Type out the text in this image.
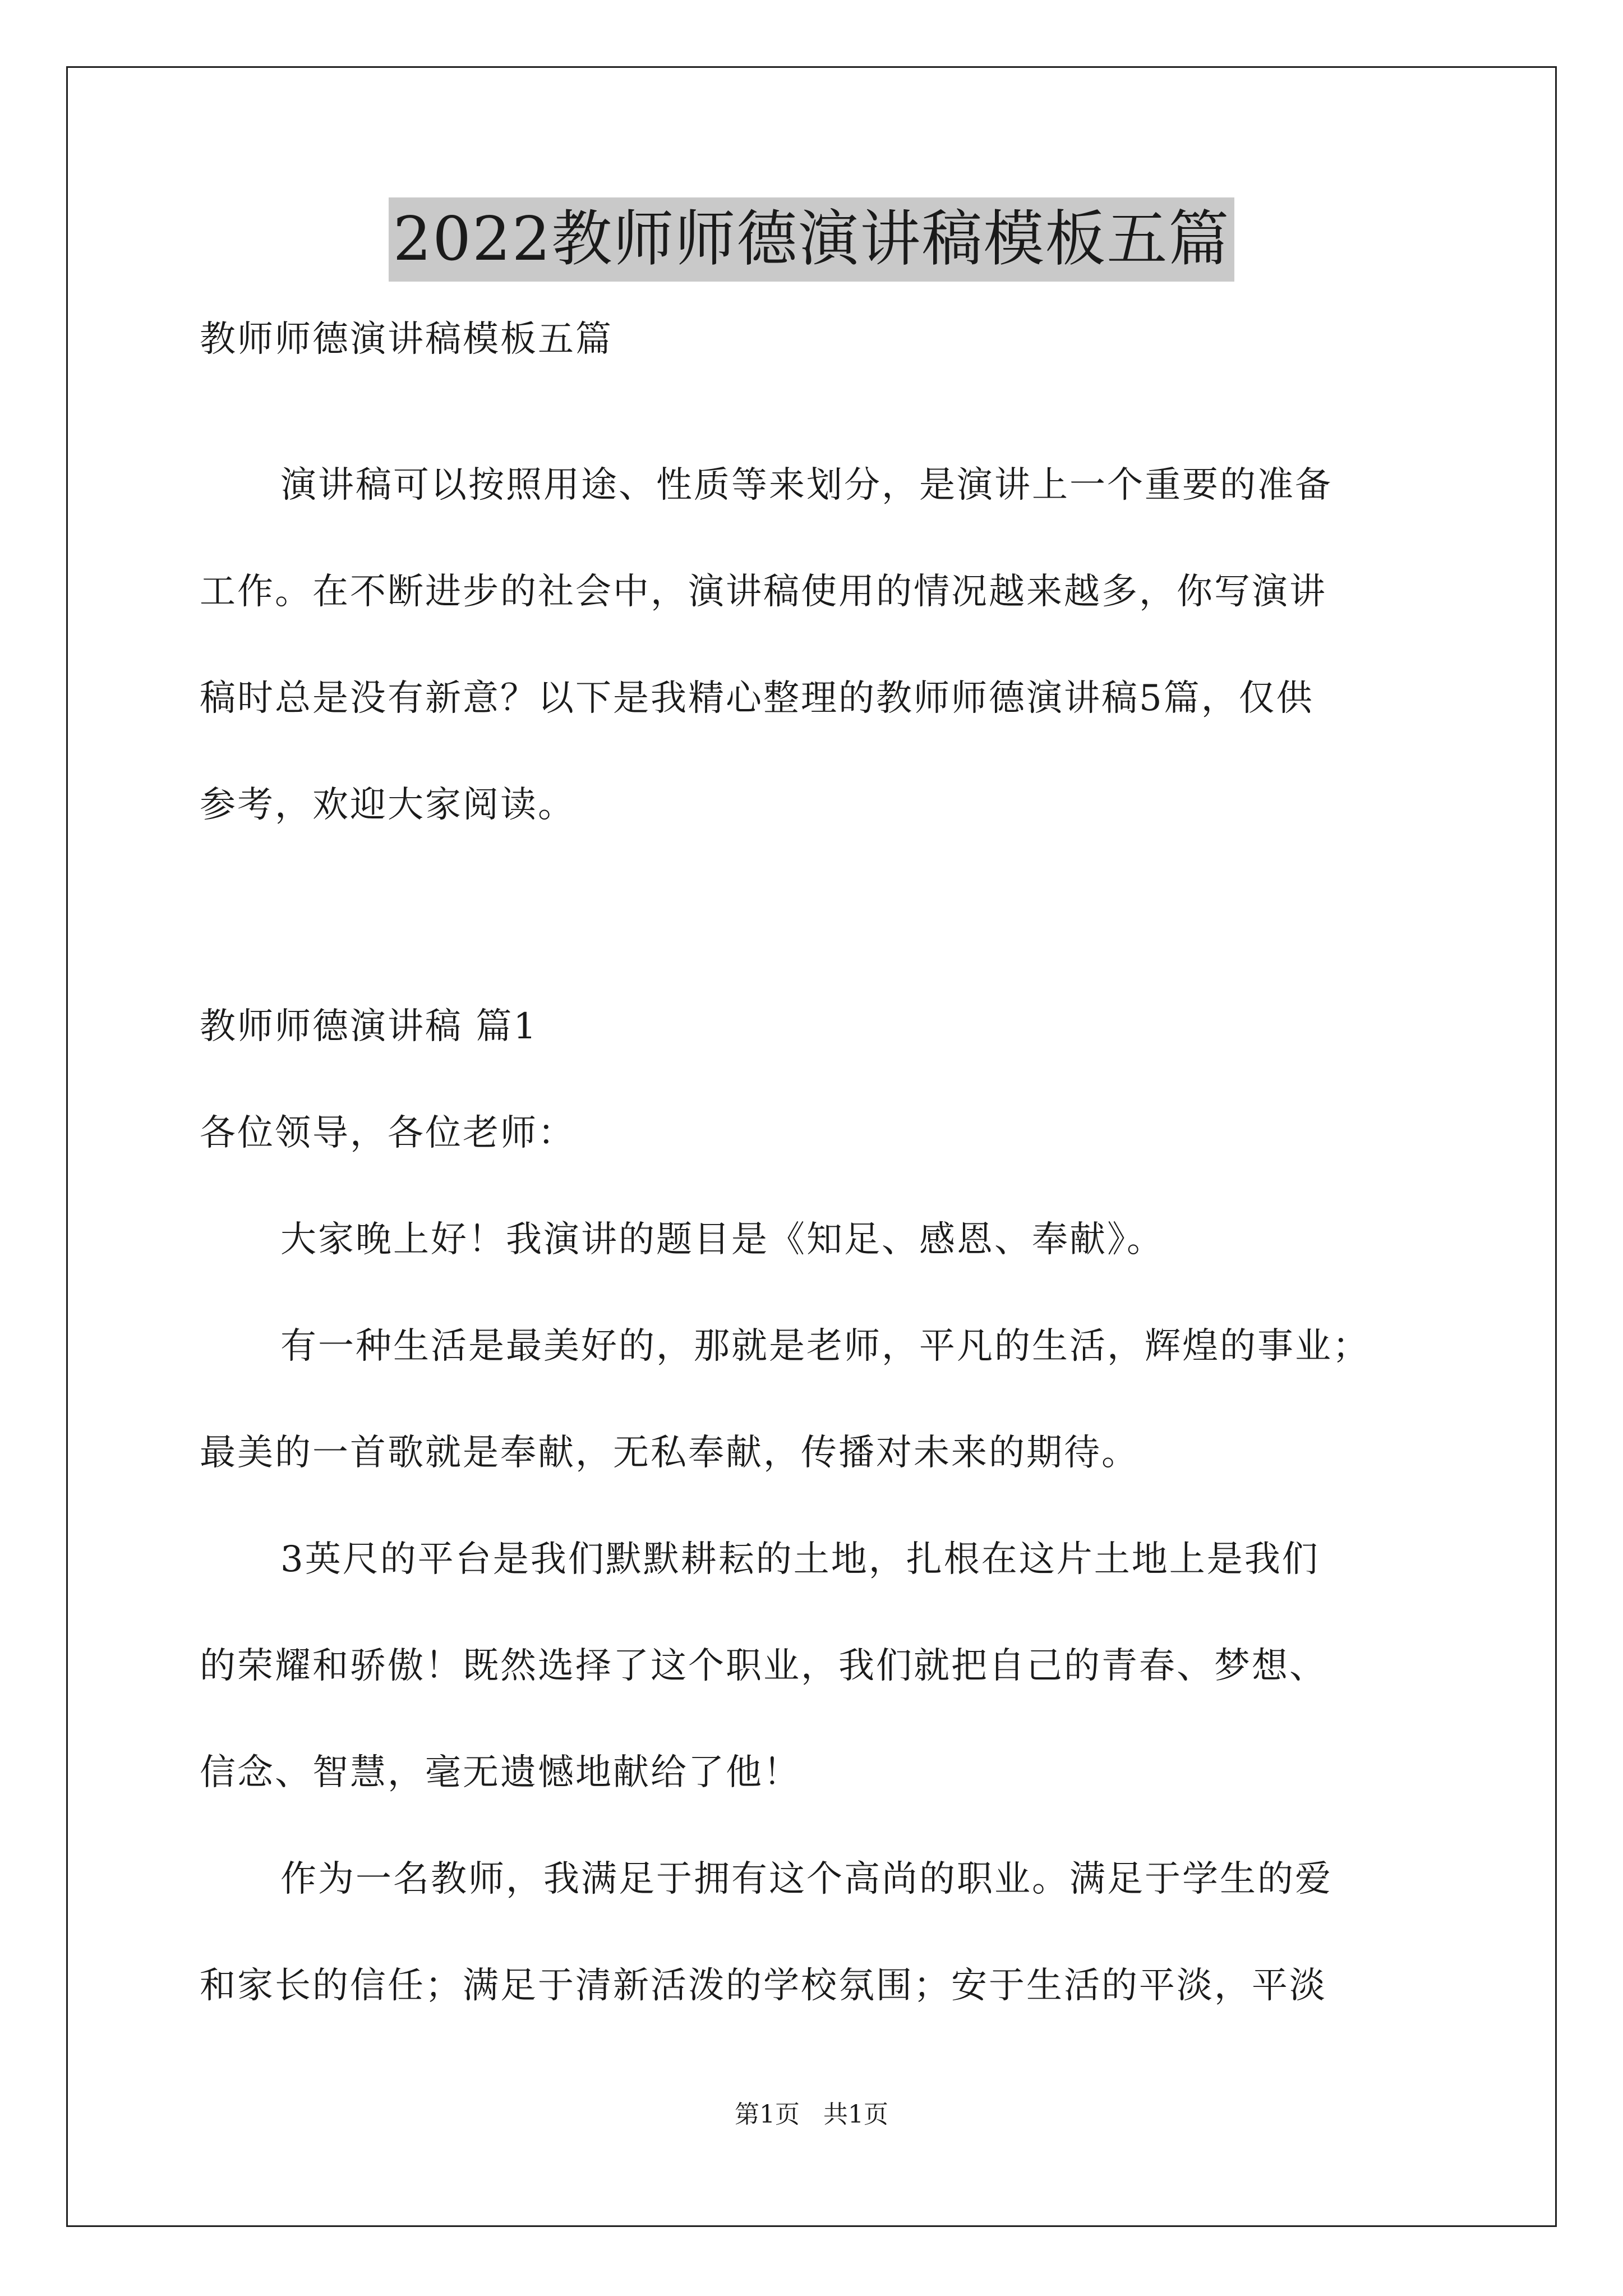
2022教师师德演讲稿模板五篇
教师师德演讲稿模板五篇
演讲稿可以按照用途、性质等来划分，是演讲上一个重要的准备
工作。在不断进步的社会中，演讲稿使用的情况越来越多，你写演讲
稿时总是没有新意？以下是我精心整理的教师师德演讲稿5篇，仅供
参考，欢迎大家阅读。
教师师德演讲稿 篇1
各位领导，各位老师：
大家晚上好！我演讲的题目是《知足、感恩、奉献》。
有一种生活是最美好的，那就是老师，平凡的生活，辉煌的事业；
最美的一首歌就是奉献，无私奉献，传播对未来的期待。
3英尺的平台是我们默默耕耘的土地，扎根在这片土地上是我们
的荣耀和骄傲！既然选择了这个职业，我们就把自己的青春、梦想、
信念、智慧，毫无遗憾地献给了他！
作为一名教师，我满足于拥有这个高尚的职业。满足于学生的爱
和家长的信任；满足于清新活泼的学校氛围；安于生活的平淡，平淡
第1页 共1页
